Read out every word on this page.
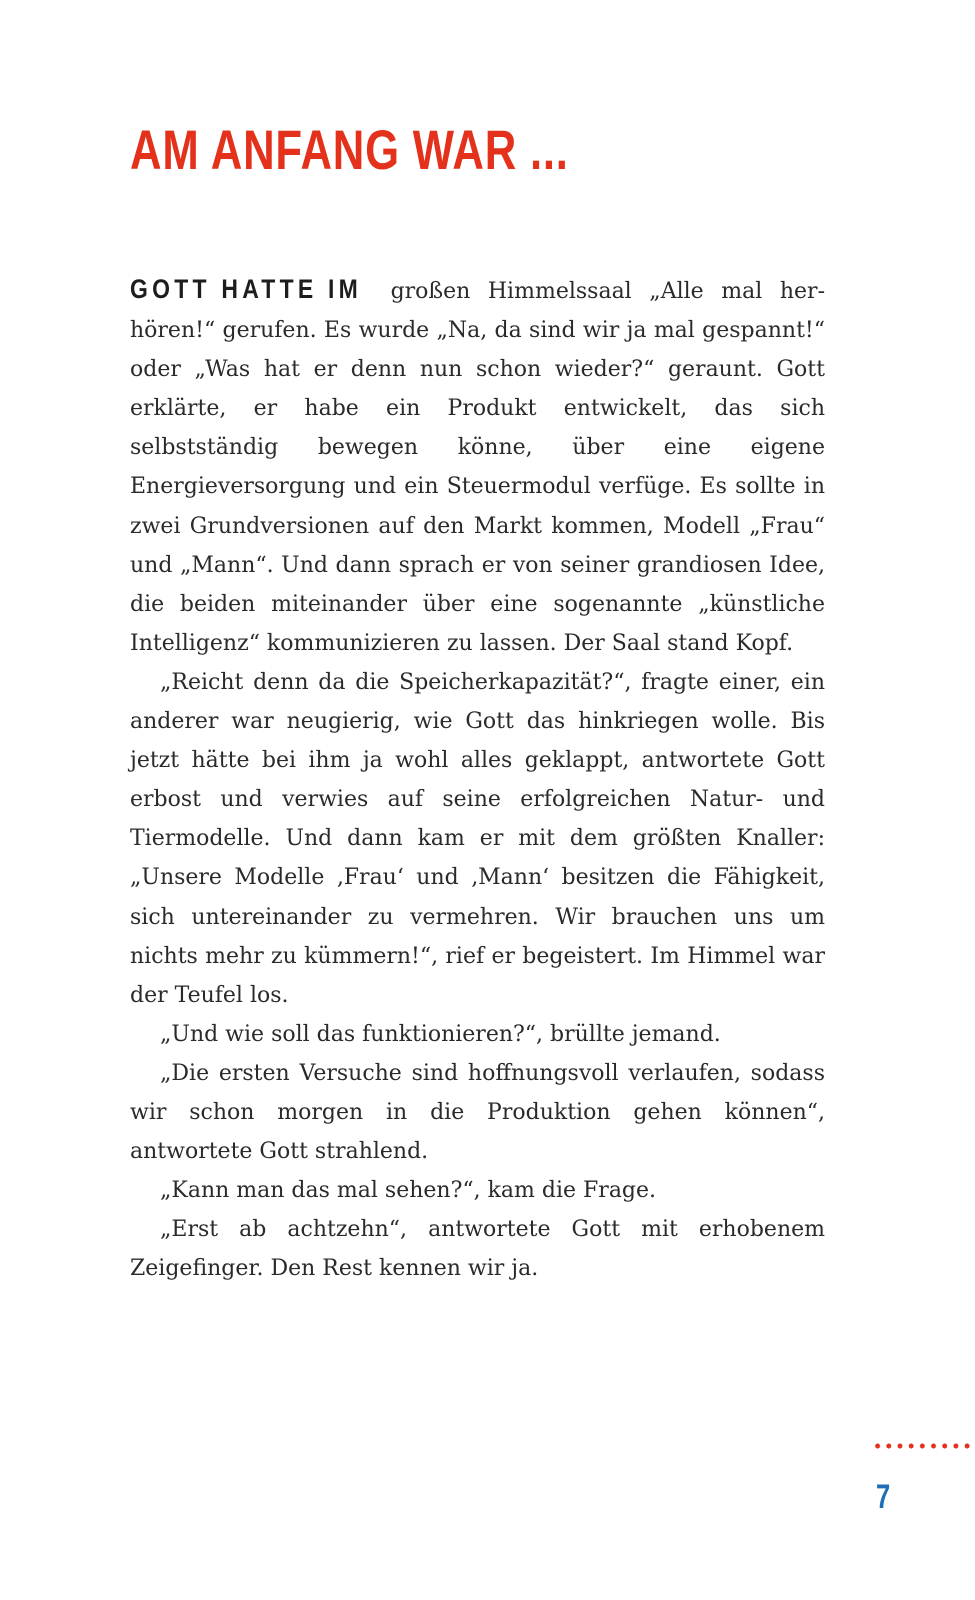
AM ANFANG WAR ...

GOTT HATTE IM großen Himmelssaal „Alle mal herhören!“ gerufen. Es wurde „Na, da sind wir ja mal gespannt!“ oder „Was hat er denn nun schon wieder?“ geraunt. Gott erklärte, er habe ein Produkt entwickelt, das sich selbstständig bewegen könne, über eine eigene Energieversorgung und ein Steuermodul verfüge. Es sollte in zwei Grundversionen auf den Markt kommen, Modell „Frau“ und „Mann“. Und dann sprach er von seiner grandiosen Idee, die beiden miteinander über eine sogenannte „künstliche Intelligenz“ kommunizieren zu lassen. Der Saal stand Kopf.

„Reicht denn da die Speicherkapazität?“, fragte einer, ein anderer war neugierig, wie Gott das hinkriegen wolle. Bis jetzt hätte bei ihm ja wohl alles geklappt, antwortete Gott erbost und verwies auf seine erfolgreichen Natur- und Tiermodelle. Und dann kam er mit dem größten Knaller: „Unsere Modelle ‚Frau‘ und ‚Mann‘ besitzen die Fähigkeit, sich untereinander zu vermehren. Wir brauchen uns um nichts mehr zu kümmern!“, rief er begeistert. Im Himmel war der Teufel los.

„Und wie soll das funktionieren?“, brüllte jemand.

„Die ersten Versuche sind hoffnungsvoll verlaufen, sodass wir schon morgen in die Produktion gehen können“, antwortete Gott strahlend.

„Kann man das mal sehen?“, kam die Frage.

„Erst ab achtzehn“, antwortete Gott mit erhobenem Zeigefinger. Den Rest kennen wir ja.

7
